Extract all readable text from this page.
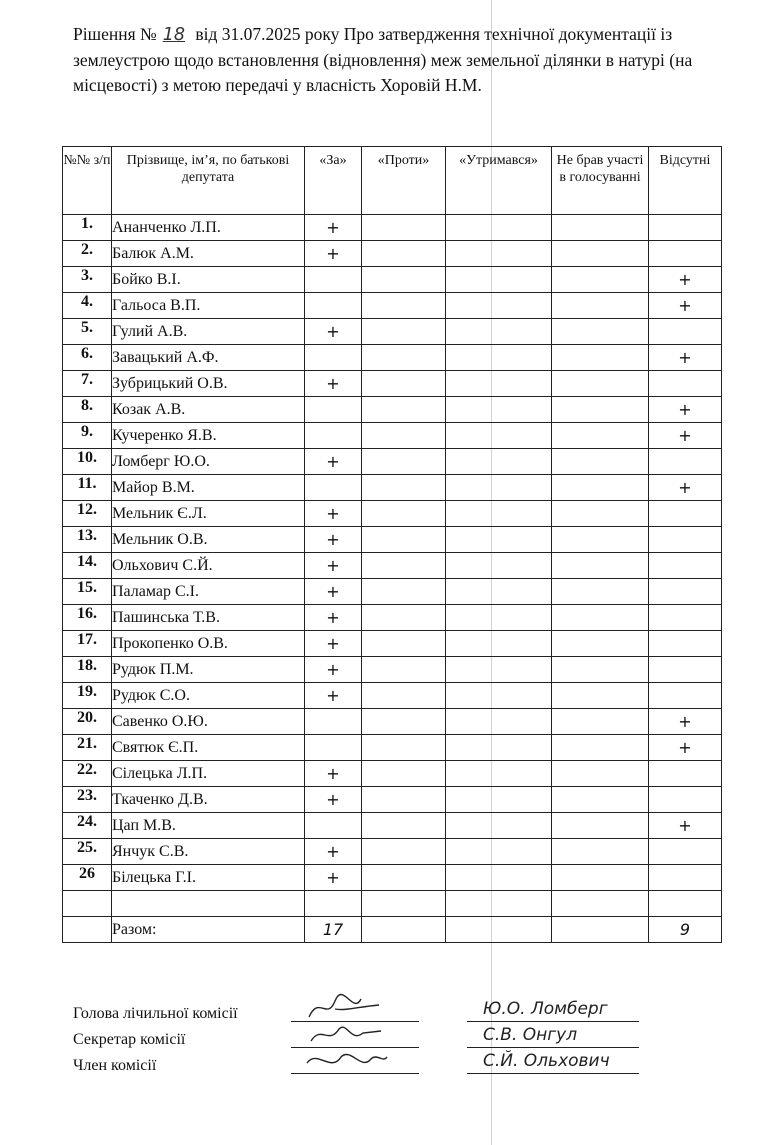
Рішення № 18 від 31.07.2025 року Про затвердження технічної документації із землеустрою щодо встановлення (відновлення) меж земельної ділянки в натурі (на місцевості) з метою передачі у власність Хоровій Н.М.
№№ з/п	Прізвище, ім’я, по батькові депутата	«За»	«Проти»	«Утримався»	Не брав участі в голосуванні	Відсутні
1.	Ананченко Л.П.	+				
2.	Балюк А.М.	+				
3.	Бойко В.І.					+
4.	Гальоса В.П.					+
5.	Гулий А.В.	+				
6.	Завацький А.Ф.					+
7.	Зубрицький О.В.	+				
8.	Козак А.В.					+
9.	Кучеренко Я.В.					+
10.	Ломберг Ю.О.	+				
11.	Майор В.М.					+
12.	Мельник Є.Л.	+				
13.	Мельник О.В.	+				
14.	Ольхович С.Й.	+				
15.	Паламар С.І.	+				
16.	Пашинська Т.В.	+				
17.	Прокопенко О.В.	+				
18.	Рудюк П.М.	+				
19.	Рудюк С.О.	+				
20.	Савенко О.Ю.					+
21.	Святюк Є.П.					+
22.	Сілецька Л.П.	+				
23.	Ткаченко Д.В.	+				
24.	Цап М.В.					+
25.	Янчук С.В.	+				
26	Білецька Г.І.	+				

	Разом:	17				9
Голова лічильної комісії	Ю.О. Ломберг
Секретар комісії	С.В. Онгул
Член комісії	С.Й. Ольхович
